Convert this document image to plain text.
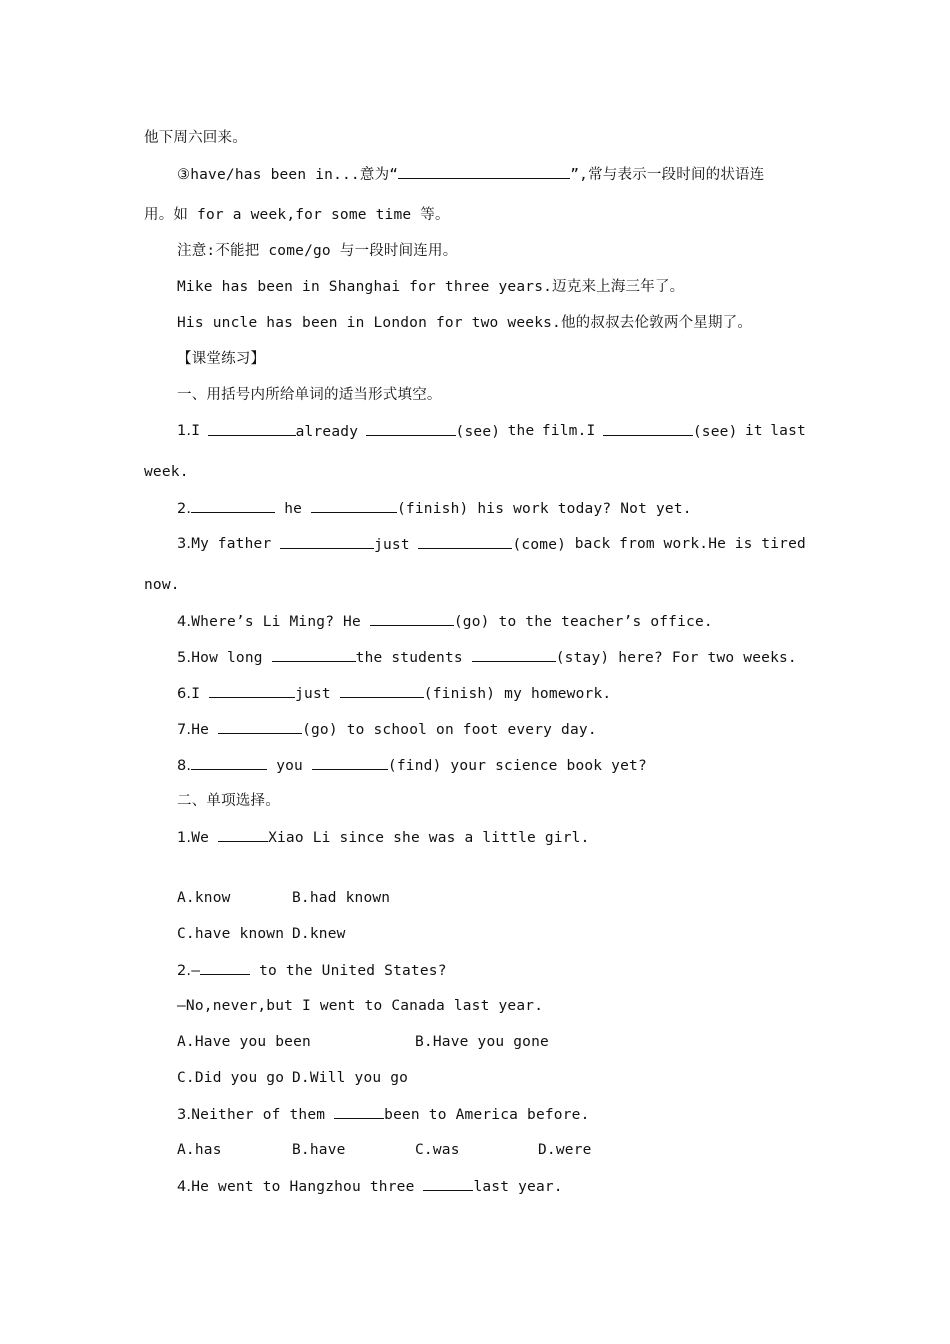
他下周六回来。
③have/has been in...意为“	”,常与表示一段时间的状语连
用。如 for a week,for some time 等。
注意:不能把 come/go 与一段时间连用。
Mike has been in Shanghai for three years.迈克来上海三年了。
His uncle has been in London for two weeks.他的叔叔去伦敦两个星期了。
【课堂练习】
一、用括号内所给单词的适当形式填空。
1.I	already	(see) the film.I	(see) it last
week.
2.	he	(finish) his work today? Not yet.
3.My father	just	(come) back from work.He is tired
now.
4.Where’s Li Ming? He	(go) to the teacher’s office.
5.How long	the students	(stay) here? For two weeks.
6.I	just	(finish) my homework.
7.He	(go) to school on foot every day.
8.	you	(find) your science book yet?
二、单项选择。
1.We	Xiao Li since she was a little girl.
A.know	B.had known
C.have known D.knew
2.—	to the United States?
—No,never,but I went to Canada last year.
A.Have you been	B.Have you gone
C.Did you go D.Will you go
3.Neither of them	been to America before.
A.has	B.have	C.was	D.were
4.He went to Hangzhou three	last year.
